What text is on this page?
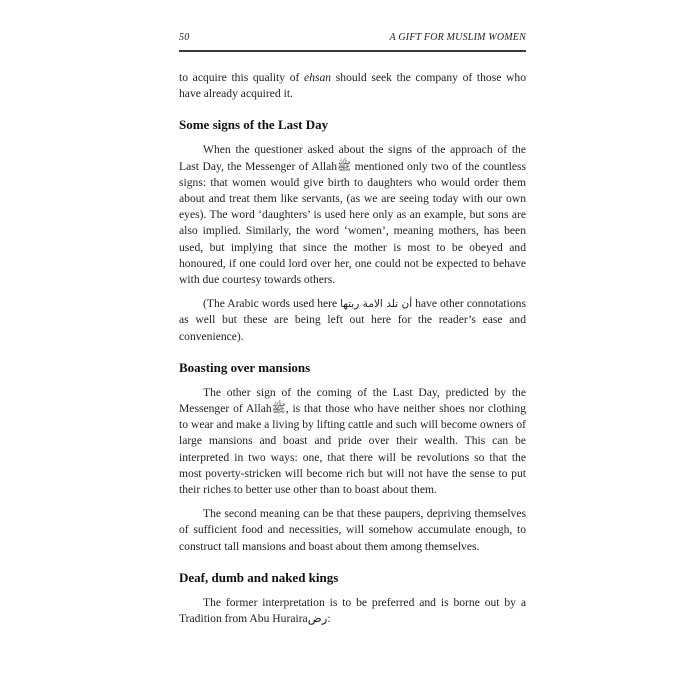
50	A GIFT FOR MUSLIM WOMEN

to acquire this quality of ehsan should seek the company of those who have already acquired it.

Some signs of the Last Day

When the questioner asked about the signs of the approach of the Last Day, the Messenger of Allahﷺ mentioned only two of the countless signs: that women would give birth to daughters who would order them about and treat them like servants, (as we are seeing today with our own eyes). The word ‘daughters’ is used here only as an example, but sons are also implied. Similarly, the word ‘women’, meaning mothers, has been used, but implying that since the mother is most to be obeyed and honoured, if one could lord over her, one could not be expected to behave with due courtesy towards others.

(The Arabic words used here أن تلد الامة ربتها have other connotations as well but these are being left out here for the reader’s ease and convenience).

Boasting over mansions

The other sign of the coming of the Last Day, predicted by the Messenger of Allahﷺ, is that those who have neither shoes nor clothing to wear and make a living by lifting cattle and such will become owners of large mansions and boast and pride over their wealth. This can be interpreted in two ways: one, that there will be revolutions so that the most poverty-stricken will become rich but will not have the sense to put their riches to better use other than to boast about them.

The second meaning can be that these paupers, depriving themselves of sufficient food and necessities, will somehow accumulate enough, to construct tall mansions and boast about them among themselves.

Deaf, dumb and naked kings

The former interpretation is to be preferred and is borne out by a Tradition from Abu Hurairaرض:
